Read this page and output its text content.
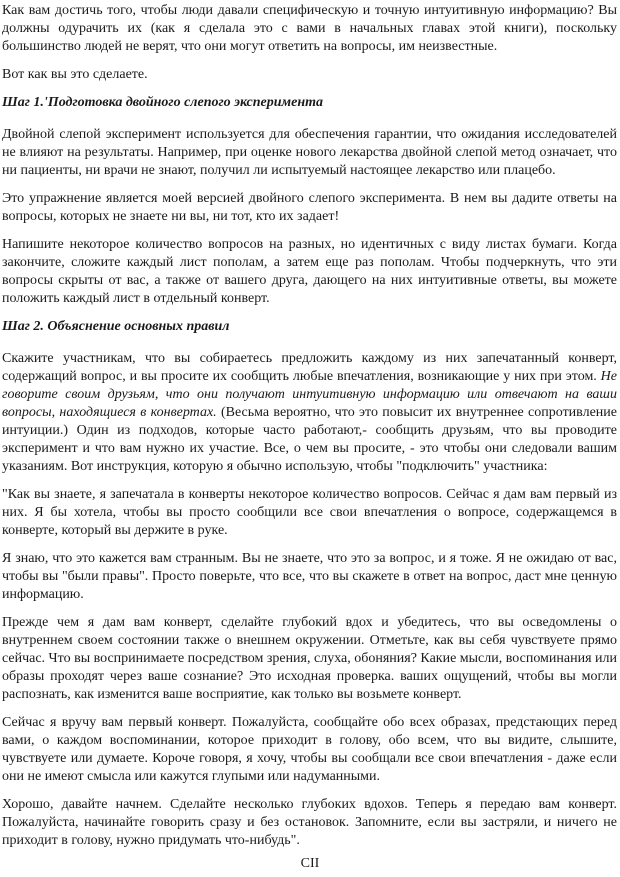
Как вам достичь того, чтобы люди давали специфическую и точную интуитивную информацию? Вы должны одурачить их (как я сделала это с вами в начальных главах этой книги), поскольку большинство людей не верят, что они могут ответить на вопросы, им неизвестные.

Вот как вы это сделаете.

Шаг 1.'Подготовка двойного слепого эксперимента

Двойной слепой эксперимент используется для обеспечения гарантии, что ожидания исследователей не влияют на результаты. Например, при оценке нового лекарства двойной слепой метод означает, что ни пациенты, ни врачи не знают, получил ли испытуемый настоящее лекарство или плацебо.

Это упражнение является моей версией двойного слепого эксперимента. В нем вы дадите ответы на вопросы, которых не знаете ни вы, ни тот, кто их задает!

Напишите некоторое количество вопросов на разных, но идентичных с виду листах бумаги. Когда закончите, сложите каждый лист пополам, а затем еще раз пополам. Чтобы подчеркнуть, что эти вопросы скрыты от вас, а также от вашего друга, дающего на них интуитивные ответы, вы можете положить каждый лист в отдельный конверт.

Шаг 2. Объяснение основных правил

Скажите участникам, что вы собираетесь предложить каждому из них запечатанный конверт, содержащий вопрос, и вы просите их сообщить любые впечатления, возникающие у них при этом. Не говорите своим друзьям, что они получают интуитивную информацию или отвечают на ваши вопросы, находящиеся в конвертах. (Весьма вероятно, что это повысит их внутреннее сопротивление интуиции.) Один из подходов, которые часто работают,- сообщить друзьям, что вы проводите эксперимент и что вам нужно их участие. Все, о чем вы просите, - это чтобы они следовали вашим указаниям. Вот инструкция, которую я обычно использую, чтобы "подключить" участника:

"Как вы знаете, я запечатала в конверты некоторое количество вопросов. Сейчас я дам вам первый из них. Я бы хотела, чтобы вы просто сообщили все свои впечатления о вопросе, содержащемся в конверте, который вы держите в руке.

Я знаю, что это кажется вам странным. Вы не знаете, что это за вопрос, и я тоже. Я не ожидаю от вас, чтобы вы "были правы". Просто поверьте, что все, что вы скажете в ответ на вопрос, даст мне ценную информацию.

Прежде чем я дам вам конверт, сделайте глубокий вдох и убедитесь, что вы осведомлены о внутреннем своем состоянии также о внешнем окружении. Отметьте, как вы себя чувствуете прямо сейчас. Что вы воспринимаете посредством зрения, слуха, обоняния? Какие мысли, воспоминания или образы проходят через ваше сознание? Это исходная проверка. ваших ощущений, чтобы вы могли распознать, как изменится ваше восприятие, как только вы возьмете конверт.

Сейчас я вручу вам первый конверт. Пожалуйста, сообщайте обо всех образах, предстающих перед вами, о каждом воспоминании, которое приходит в голову, обо всем, что вы видите, слышите, чувствуете или думаете. Короче говоря, я хочу, чтобы вы сообщали все свои впечатления - даже если они не имеют смысла или кажутся глупыми или надуманными.

Хорошо, давайте начнем. Сделайте несколько глубоких вдохов. Теперь я передаю вам конверт. Пожалуйста, начинайте говорить сразу и без остановок. Запомните, если вы застряли, и ничего не приходит в голову, нужно придумать что-нибудь".

CII
